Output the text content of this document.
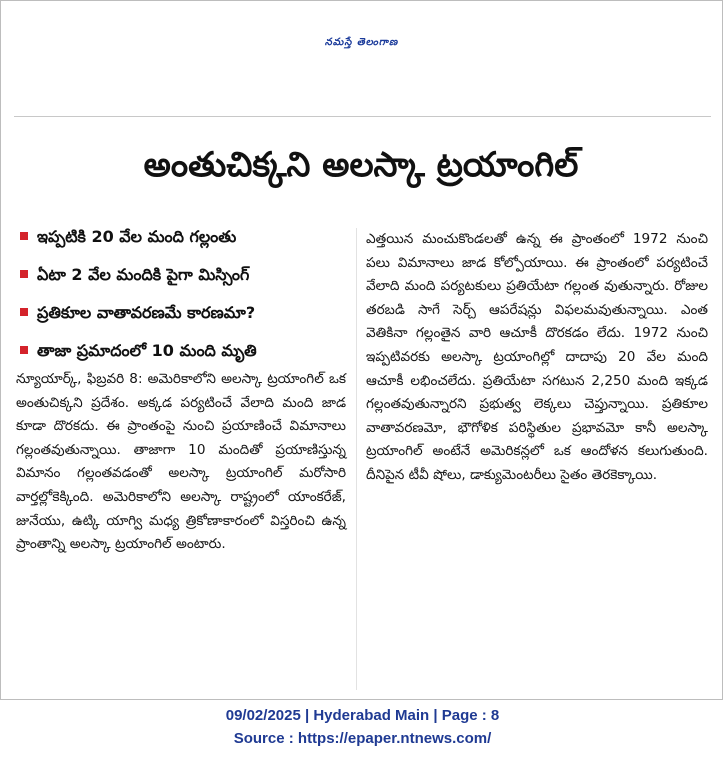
నమస్తే తెలంగాణ
అంతుచిక్కని అలస్కా ట్రయాంగిల్
ఇప్పటికి 20 వేల మంది గల్లంతు
ఏటా 2 వేల మందికి పైగా మిస్సింగ్
ప్రతికూల వాతావరణమే కారణమా?
తాజా ప్రమాదంలో 10 మంది మృతి

న్యూయార్క్, ఫిబ్రవరి 8: అమెరికాలోని అలస్కా ట్రయాంగిల్ ఒక అంతుచిక్కని ప్రదేశం. అక్కడ పర్యటించే వేలాది మంది జాడ కూడా దొరకదు. ఈ ప్రాంతంపై నుంచి ప్రయాణించే విమానాలు గల్లంతవుతున్నాయి. తాజాగా 10 మందితో ప్రయాణిస్తున్న విమానం గల్లంతవడంతో అలస్కా ట్రయాంగిల్ మరోసారి వార్తల్లోకెక్కింది. అమెరికాలోని అలస్కా రాష్ట్రంలో యాంకరేజ్, జునేయు, ఉట్కి యాగ్వి మధ్య త్రికోణాకారంలో విస్తరించి ఉన్న ప్రాంతాన్ని అలస్కా ట్రయాంగిల్ అంటారు.

ఎత్తయిన మంచుకొండలతో ఉన్న ఈ ప్రాంతంలో 1972 నుంచి పలు విమానాలు జాడ కోల్పోయాయి. ఈ ప్రాంతంలో పర్యటించే వేలాది మంది పర్యటకులు ప్రతియేటా గల్లంత వుతున్నారు. రోజుల తరబడి సాగే సెర్చ్ ఆపరేషన్లు విఫలమవుతున్నాయి. ఎంత వెతికినా గల్లంతైన వారి ఆచూకీ దొరకడం లేదు. 1972 నుంచి ఇప్పటివరకు అలస్కా ట్రయాంగిల్లో దాదాపు 20 వేల మంది ఆచూకీ లభించలేదు. ప్రతియేటా సగటున 2,250 మంది ఇక్కడ గల్లంతవుతున్నారని ప్రభుత్వ లెక్కలు చెప్తున్నాయి. ప్రతికూల వాతావరణమో, భౌగోళిక పరిస్థితుల ప్రభావమో కానీ అలస్కా ట్రయాంగిల్ అంటేనే అమెరికన్లలో ఒక ఆందోళన కలుగుతుంది. దీనిపైన టీవీ షోలు, డాక్యుమెంటరీలు సైతం తెరకెక్కాయి.

09/02/2025 | Hyderabad Main | Page : 8
Source : https://epaper.ntnews.com/
